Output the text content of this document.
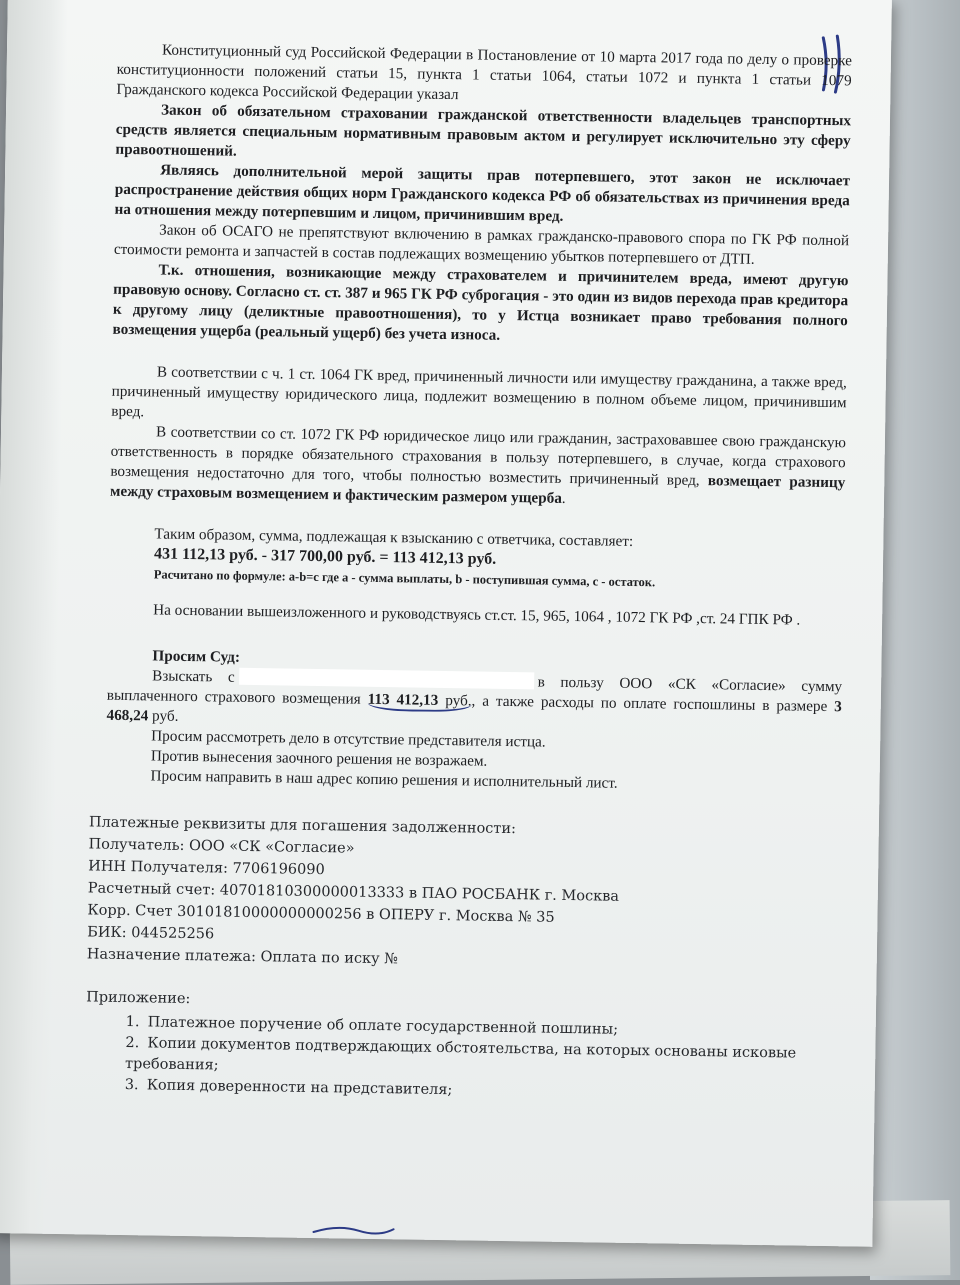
Конституционный суд Российской Федерации в Постановление от 10 марта 2017 года по делу о проверке конституционности положений статьи 15, пункта 1 статьи 1064, статьи 1072 и пункта 1 статьи 1079 Гражданского кодекса Российской Федерации указал

Закон об обязательном страховании гражданской ответственности владельцев транспортных средств является специальным нормативным правовым актом и регулирует исключительно эту сферу правоотношений.

Являясь дополнительной мерой защиты прав потерпевшего, этот закон не исключает распространение действия общих норм Гражданского кодекса РФ об обязательствах из причинения вреда на отношения между потерпевшим и лицом, причинившим вред.

Закон об ОСАГО не препятствуют включению в рамках гражданско-правового спора по ГК РФ полной стоимости ремонта и запчастей в состав подлежащих возмещению убытков потерпевшего от ДТП.

Т.к. отношения, возникающие между страхователем и причинителем вреда, имеют другую правовую основу. Согласно ст. ст. 387 и 965 ГК РФ суброгация - это один из видов перехода прав кредитора к другому лицу (деликтные правоотношения), то у Истца возникает право требования полного возмещения ущерба (реальный ущерб) без учета износа.

В соответствии с ч. 1 ст. 1064 ГК вред, причиненный личности или имуществу гражданина, а также вред, причиненный имуществу юридического лица, подлежит возмещению в полном объеме лицом, причинившим вред.

В соответствии со ст. 1072 ГК РФ юридическое лицо или гражданин, застраховавшее свою гражданскую ответственность в порядке обязательного страхования в пользу потерпевшего, в случае, когда страхового возмещения недостаточно для того, чтобы полностью возместить причиненный вред, возмещает разницу между страховым возмещением и фактическим размером ущерба.

Таким образом, сумма, подлежащая к взысканию с ответчика, составляет:

431 112,13 руб. - 317 700,00 руб. = 113 412,13 руб.
Расчитано по формуле: a-b=c где a - сумма выплаты, b - поступившая сумма, c - остаток.

На основании вышеизложенного и руководствуясь ст.ст. 15, 965, 1064 , 1072 ГК РФ ,ст. 24 ГПК РФ .

Просим Суд:

Взыскать с	в пользу ООО «СК «Согласие» сумму выплаченного страхового возмещения 113 412,13 руб., а также расходы по оплате госпошлины в размере 3 468,24 руб.

Просим рассмотреть дело в отсутствие представителя истца.
Против вынесения заочного решения не возражаем.
Просим направить в наш адрес копию решения и исполнительный лист.
Платежные реквизиты для погашения задолженности:
Получатель: ООО «СК «Согласие»
ИНН Получателя: 7706196090
Расчетный счет: 40701810300000013333 в ПАО РОСБАНК г. Москва
Корр. Счет 30101810000000000256 в ОПЕРУ г. Москва № 35
БИК: 044525256
Назначение платежа: Оплата по иску №
Приложение:
1. Платежное поручение об оплате государственной пошлины;
2. Копии документов подтверждающих обстоятельства, на которых основаны исковые требования;
3. Копия доверенности на представителя;
